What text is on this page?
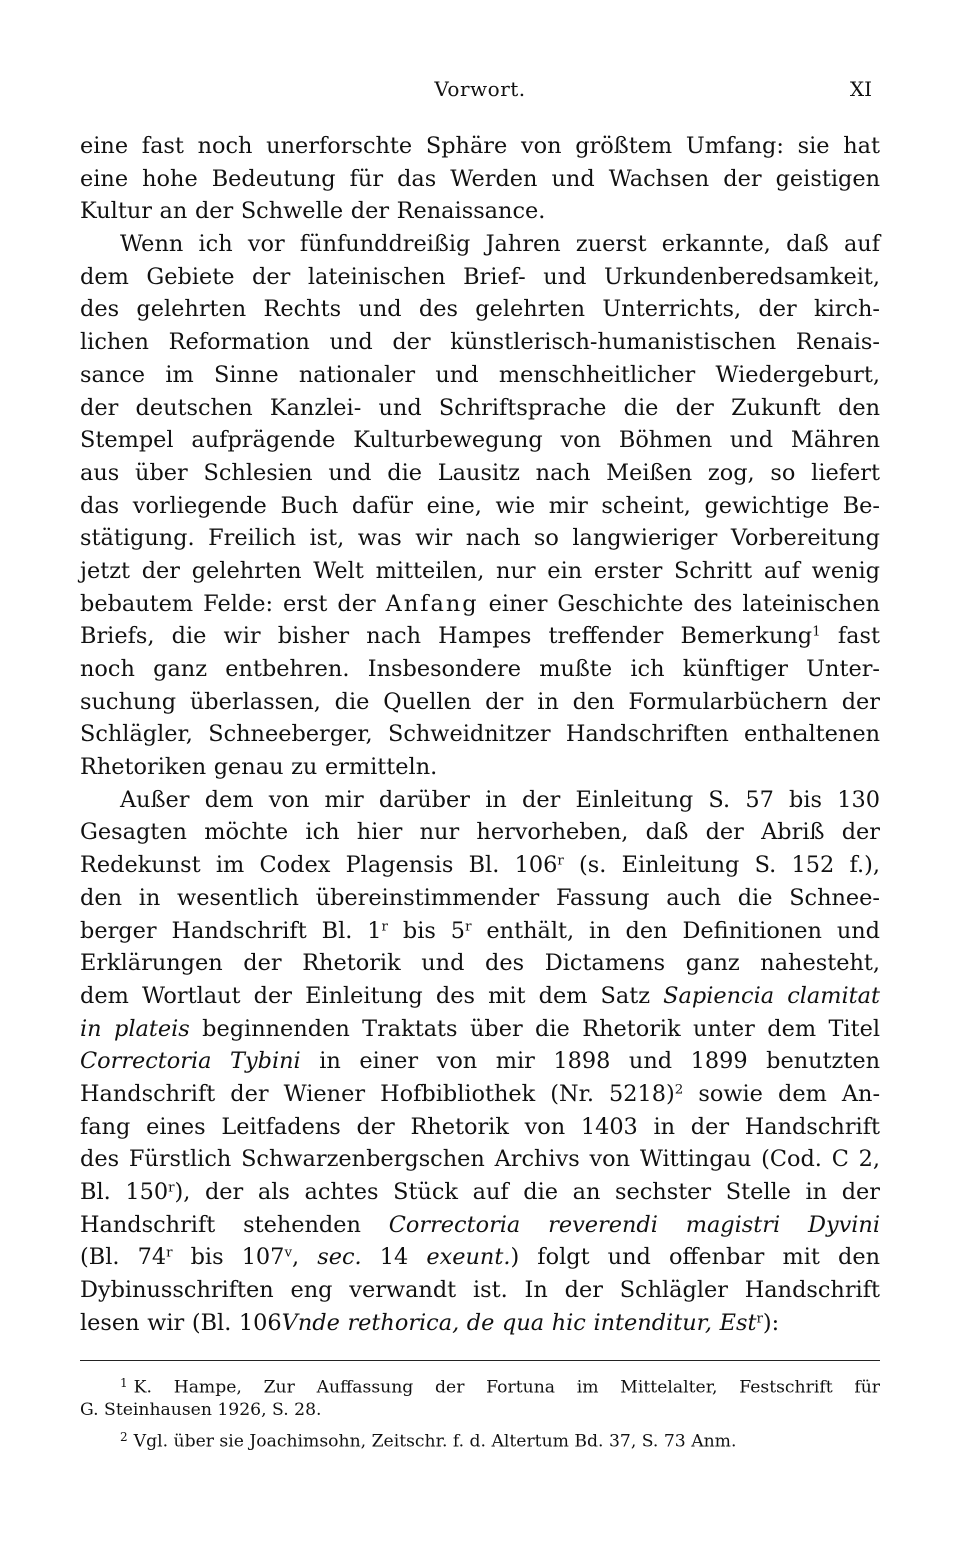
Vorwort.	XI
eine fast noch unerforschte Sphäre von größtem Umfang: sie hat
eine hohe Bedeutung für das Werden und Wachsen der geistigen
Kultur an der Schwelle der Renaissance.
Wenn ich vor fünfunddreißig Jahren zuerst erkannte, daß auf
dem Gebiete der lateinischen Brief- und Urkundenberedsamkeit,
des gelehrten Rechts und des gelehrten Unterrichts, der kirch-
lichen Reformation und der künstlerisch-humanistischen Renais-
sance im Sinne nationaler und menschheitlicher Wiedergeburt,
der deutschen Kanzlei- und Schriftsprache die der Zukunft den
Stempel aufprägende Kulturbewegung von Böhmen und Mähren
aus über Schlesien und die Lausitz nach Meißen zog, so liefert
das vorliegende Buch dafür eine, wie mir scheint, gewichtige Be-
stätigung. Freilich ist, was wir nach so langwieriger Vorbereitung
jetzt der gelehrten Welt mitteilen, nur ein erster Schritt auf wenig
bebautem Felde: erst der Anfang einer Geschichte des lateinischen
Briefs, die wir bisher nach Hampes treffender Bemerkung$^1$ fast
noch ganz entbehren. Insbesondere mußte ich künftiger Unter-
suchung überlassen, die Quellen der in den Formularbüchern der
Schlägler, Schneeberger, Schweidnitzer Handschriften enthaltenen
Rhetoriken genau zu ermitteln.
Außer dem von mir darüber in der Einleitung S. 57 bis 130
Gesagten möchte ich hier nur hervorheben, daß der Abriß der
Redekunst im Codex Plagensis Bl. 106$^r$ (s. Einleitung S. 152 f.),
den in wesentlich übereinstimmender Fassung auch die Schnee-
berger Handschrift Bl. 1$^r$ bis 5$^r$ enthält, in den Definitionen und
Erklärungen der Rhetorik und des Dictamens ganz nahesteht,
dem Wortlaut der Einleitung des mit dem Satz Sapiencia clamitat
in plateis beginnenden Traktats über die Rhetorik unter dem Titel
Correctoria Tybini in einer von mir 1898 und 1899 benutzten
Handschrift der Wiener Hofbibliothek (Nr. 5218)$^2$ sowie dem An-
fang eines Leitfadens der Rhetorik von 1403 in der Handschrift
des Fürstlich Schwarzenbergschen Archivs von Wittingau (Cod. C 2,
Bl. 150$^r$), der als achtes Stück auf die an sechster Stelle in der
Handschrift stehenden Correctoria reverendi magistri Dyvini
(Bl. 74$^r$ bis 107$^v$, sec. 14 exeunt.) folgt und offenbar mit den
Dybinusschriften eng verwandt ist. In der Schlägler Handschrift
lesen wir (Bl. 106Vnde rethorica, de qua hic intenditur, Est$^r$):
$^1$ K. Hampe, Zur Auffassung der Fortuna im Mittelalter, Festschrift für
G. Steinhausen 1926, S. 28.
$^2$ Vgl. über sie Joachimsohn, Zeitschr. f. d. Altertum Bd. 37, S. 73 Anm.
